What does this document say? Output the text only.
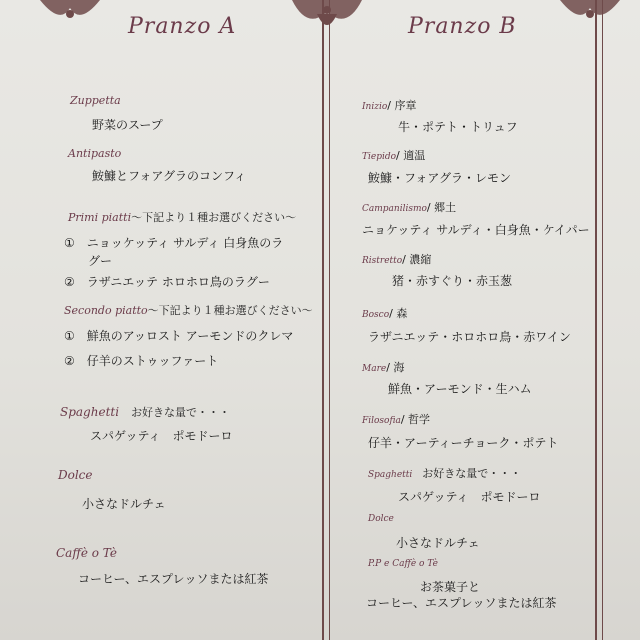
Pranzo A
Zuppetta
野菜のスープ
Antipasto
鮟鱇とフォアグラのコンフィ
Primi piatti～下記より１種お選びください～
①　ニョッケッティ サルディ 白身魚のラ
グー
②　ラザニエッテ ホロホロ鳥のラグー
Secondo piatto～下記より１種お選びください～
①　鮮魚のアッロスト アーモンドのクレマ
②　仔羊のストゥッファート
Spaghetti お好きな量で・・・
スパゲッティ　ポモドーロ
Dolce
小さなドルチェ
Caffè o Tè
コーヒー、エスプレッソまたは紅茶
Pranzo B
Inizio/ 序章
牛・ポテト・トリュフ
Tiepido/ 適温
鮟鱇・フォアグラ・レモン
Campanilismo/ 郷土
ニョケッティ サルディ・白身魚・ケイパー
Ristretto/ 濃縮
猪・赤すぐり・赤玉葱
Bosco/ 森
ラザニエッテ・ホロホロ鳥・赤ワイン
Mare/ 海
鮮魚・アーモンド・生ハム
Filosofia/ 哲学
仔羊・アーティーチョーク・ポテト
Spaghetti お好きな量で・・・
スパゲッティ　ポモドーロ
Dolce
小さなドルチェ
P.P e Caffè o Tè
お茶菓子と
コーヒー、エスプレッソまたは紅茶
